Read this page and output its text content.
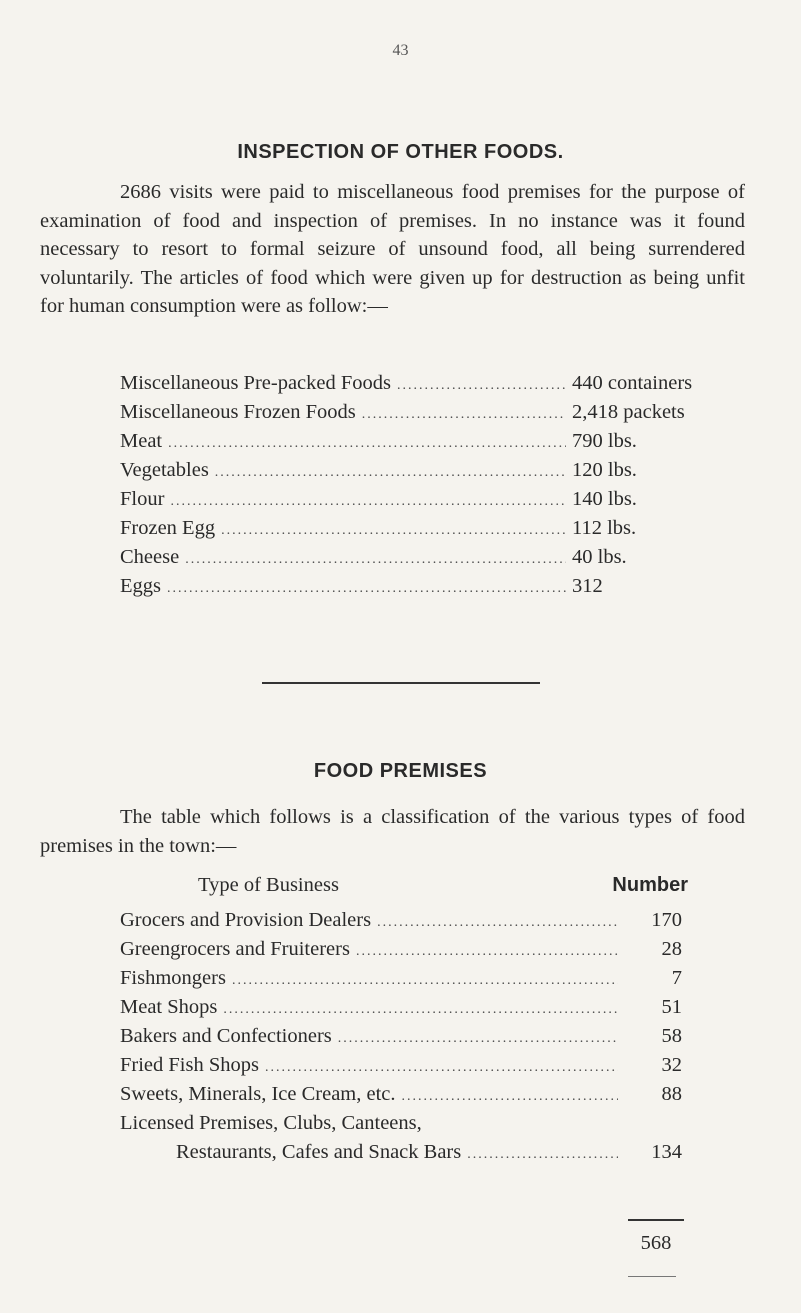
43
INSPECTION OF OTHER FOODS.

2686 visits were paid to miscellaneous food premises for the purpose of examination of food and inspection of premises. In no instance was it found necessary to resort to formal seizure of unsound food, all being surrendered voluntarily. The articles of food which were given up for destruction as being unfit for human consumption were as follow:—

Miscellaneous Pre-packed Foods .....	440 containers
Miscellaneous Frozen Foods .....	2,418 packets
Meat .....	790 lbs.
Vegetables .....	120 lbs.
Flour .....	140 lbs.
Frozen Egg .....	112 lbs.
Cheese .....	40 lbs.
Eggs .....	312
FOOD PREMISES

The table which follows is a classification of the various types of food premises in the town:—

Type of Business	Number
Grocers and Provision Dealers .....	170
Greengrocers and Fruiterers .....	28
Fishmongers .....	7
Meat Shops .....	51
Bakers and Confectioners .....	58
Fried Fish Shops .....	32
Sweets, Minerals, Ice Cream, etc. .....	88
Licensed Premises, Clubs, Canteens,
Restaurants, Cafes and Snack Bars .....	134
568
